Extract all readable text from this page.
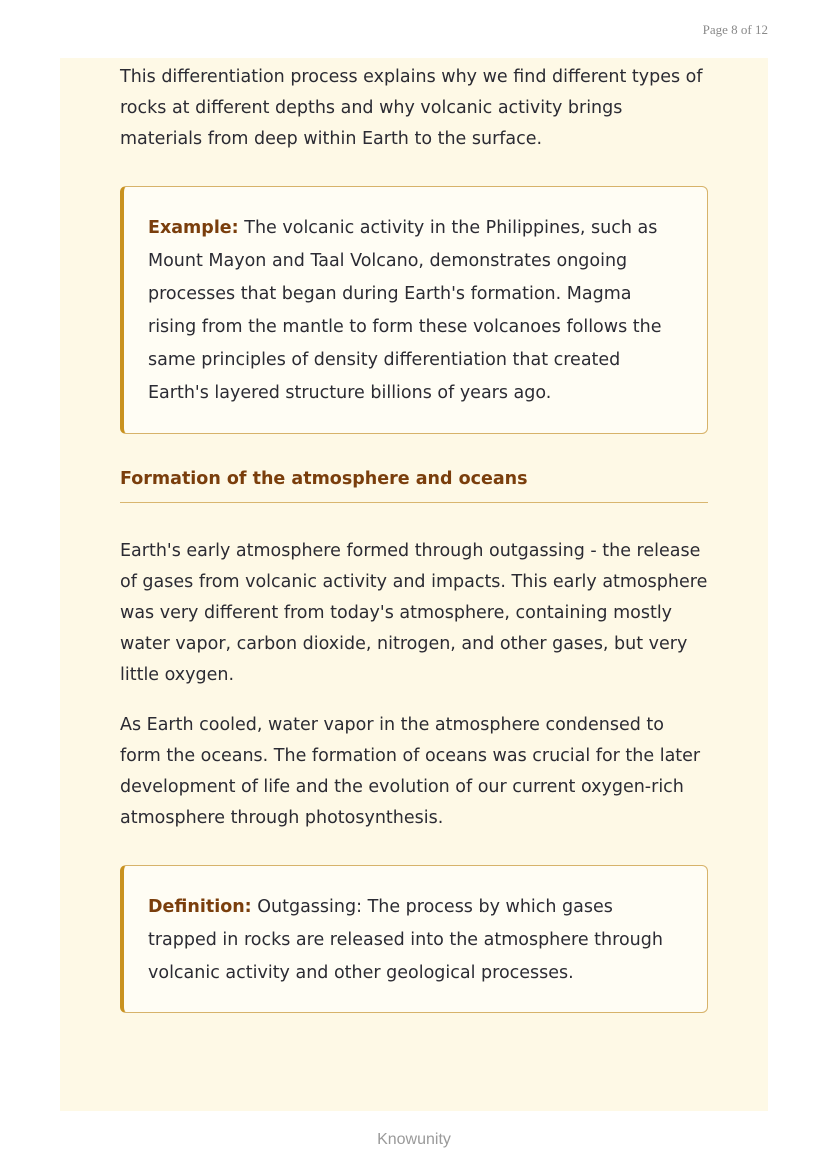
Page 8 of 12

This differentiation process explains why we find different types of rocks at different depths and why volcanic activity brings materials from deep within Earth to the surface.

Example: The volcanic activity in the Philippines, such as Mount Mayon and Taal Volcano, demonstrates ongoing processes that began during Earth's formation. Magma rising from the mantle to form these volcanoes follows the same principles of density differentiation that created Earth's layered structure billions of years ago.

Formation of the atmosphere and oceans

Earth's early atmosphere formed through outgassing - the release of gases from volcanic activity and impacts. This early atmosphere was very different from today's atmosphere, containing mostly water vapor, carbon dioxide, nitrogen, and other gases, but very little oxygen.

As Earth cooled, water vapor in the atmosphere condensed to form the oceans. The formation of oceans was crucial for the later development of life and the evolution of our current oxygen-rich atmosphere through photosynthesis.

Definition: Outgassing: The process by which gases trapped in rocks are released into the atmosphere through volcanic activity and other geological processes.

Knowunity
